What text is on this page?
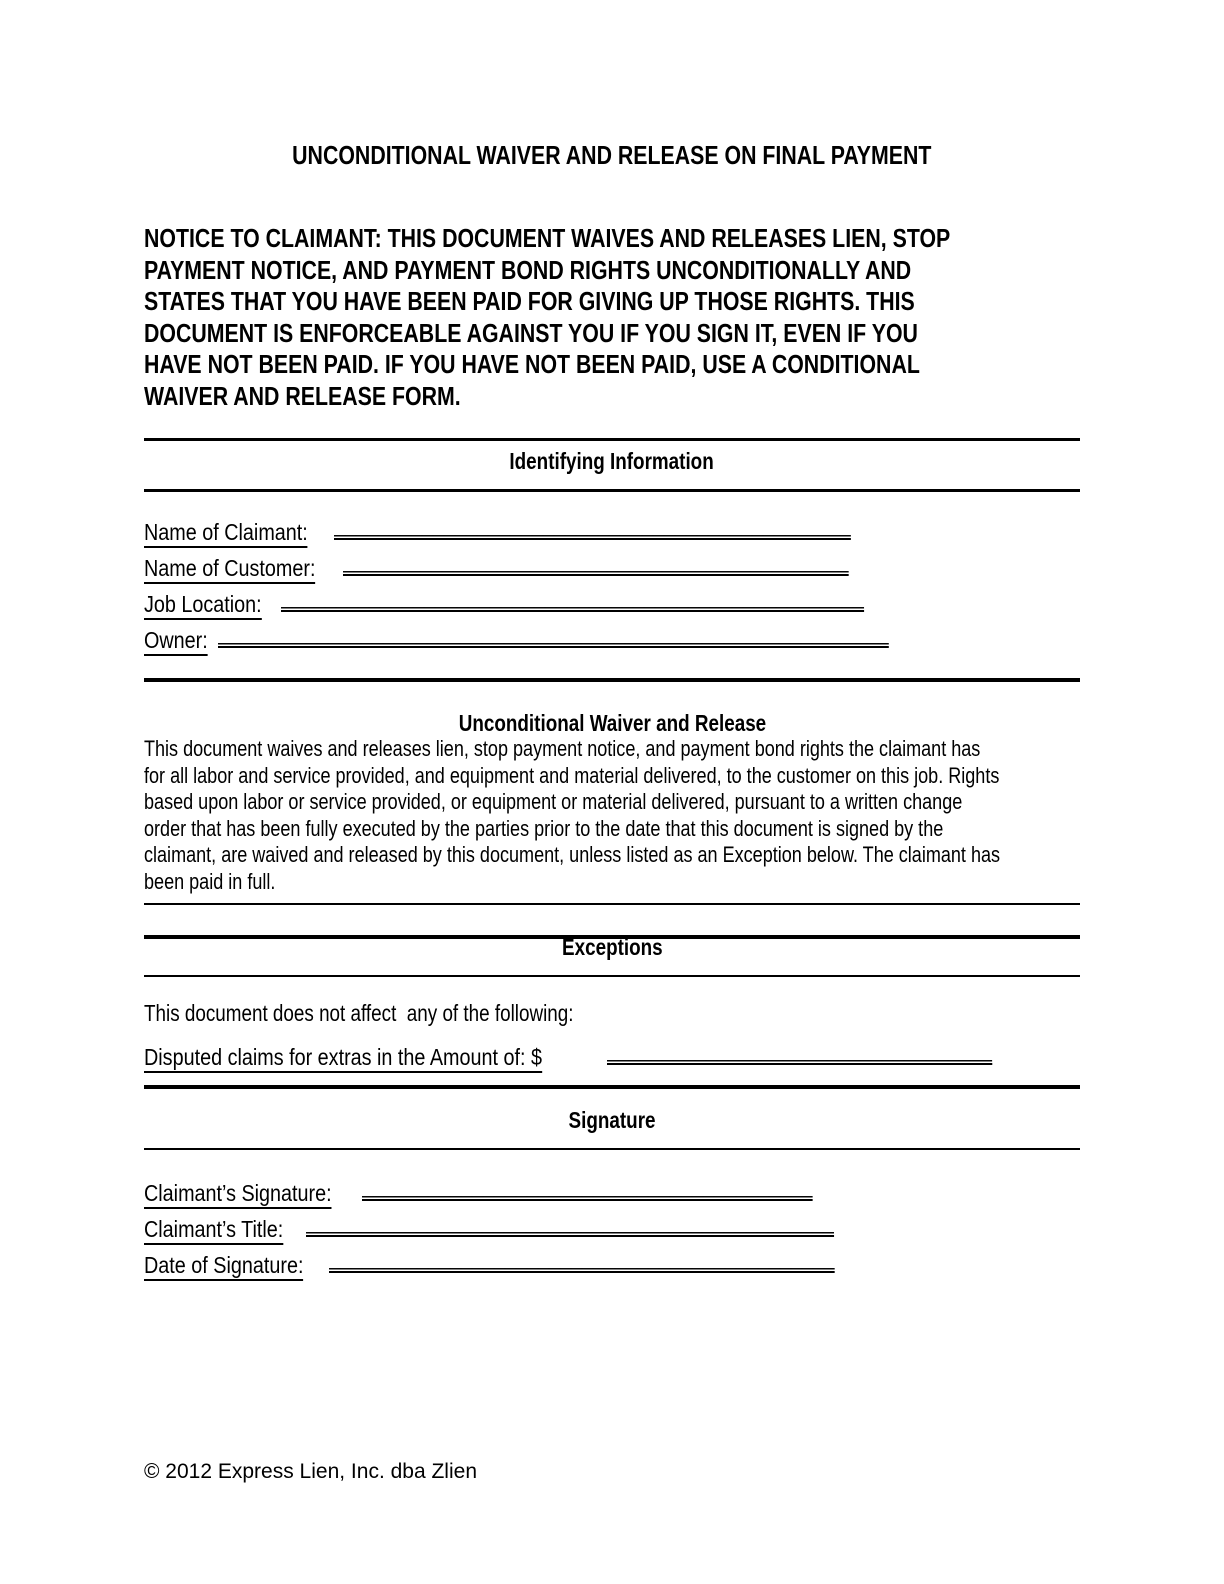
UNCONDITIONAL WAIVER AND RELEASE ON FINAL PAYMENT
NOTICE TO CLAIMANT: THIS DOCUMENT WAIVES AND RELEASES LIEN, STOP
PAYMENT NOTICE, AND PAYMENT BOND RIGHTS UNCONDITIONALLY AND
STATES THAT YOU HAVE BEEN PAID FOR GIVING UP THOSE RIGHTS. THIS
DOCUMENT IS ENFORCEABLE AGAINST YOU IF YOU SIGN IT, EVEN IF YOU
HAVE NOT BEEN PAID. IF YOU HAVE NOT BEEN PAID, USE A CONDITIONAL
WAIVER AND RELEASE FORM.
Identifying Information
Name of Claimant: _______________________________________________
Name of Customer: ______________________________________________
Job Location: _____________________________________________________
Owner: _____________________________________________________________
Unconditional Waiver and Release
This document waives and releases lien, stop payment notice, and payment bond rights the claimant has
for all labor and service provided, and equipment and material delivered, to the customer on this job. Rights
based upon labor or service provided, or equipment or material delivered, pursuant to a written change
order that has been fully executed by the parties prior to the date that this document is signed by the
claimant, are waived and released by this document, unless listed as an Exception below. The claimant has
been paid in full.
Exceptions
This document does not affect  any of the following:
Disputed claims for extras in the Amount of: $	___________________________________
Signature
Claimant’s Signature: _________________________________________
Claimant’s Title: ________________________________________________
Date of Signature: ______________________________________________
© 2012 Express Lien, Inc. dba Zlien
